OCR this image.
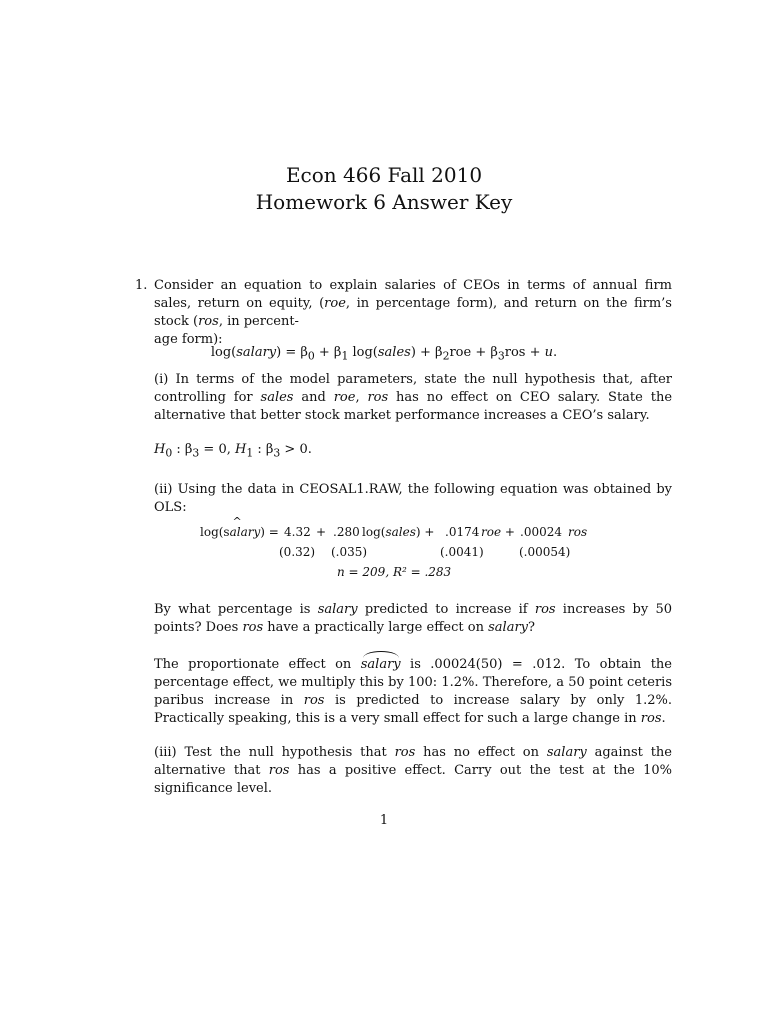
Econ 466 Fall 2010
Homework 6 Answer Key
1. Consider an equation to explain salaries of CEOs in terms of annual firm sales, return on equity, (roe, in percentage form), and return on the firm’s stock (ros, in percent-
age form):
log(salary) = $\beta_0 + \beta_1$ log(sales) + $\beta_2roe + \beta_3ros + u$.
(i) In terms of the model parameters, state the null hypothesis that, after controlling for sales and roe, ros has no effect on CEO salary. State the alternative that better stock market performance increases a CEO’s salary.
$H_0$ : $\beta_3 = 0$, $H_1$ : $\beta_3 > 0$.
(ii) Using the data in CEOSAL1.RAW, the following equation was obtained by OLS:
log(s^ alary) = 4.32 + .280 log(sales) + .0174 roe + .00024 ros
(0.32) (.035)	(.0041)	(.00054)
n = 209, R² = .283
By what percentage is salary predicted to increase if ros increases by 50 points? Does ros have a practically large effect on salary?
The proportionate effect on salary is .00024(50) = .012. To obtain the percentage effect, we multiply this by 100: 1.2%. Therefore, a 50 point ceteris paribus increase in ros is predicted to increase salary by only 1.2%. Practically speaking, this is a very small effect for such a large change in ros.
(iii) Test the null hypothesis that ros has no effect on salary against the alternative that ros has a positive effect. Carry out the test at the 10% significance level.
1
